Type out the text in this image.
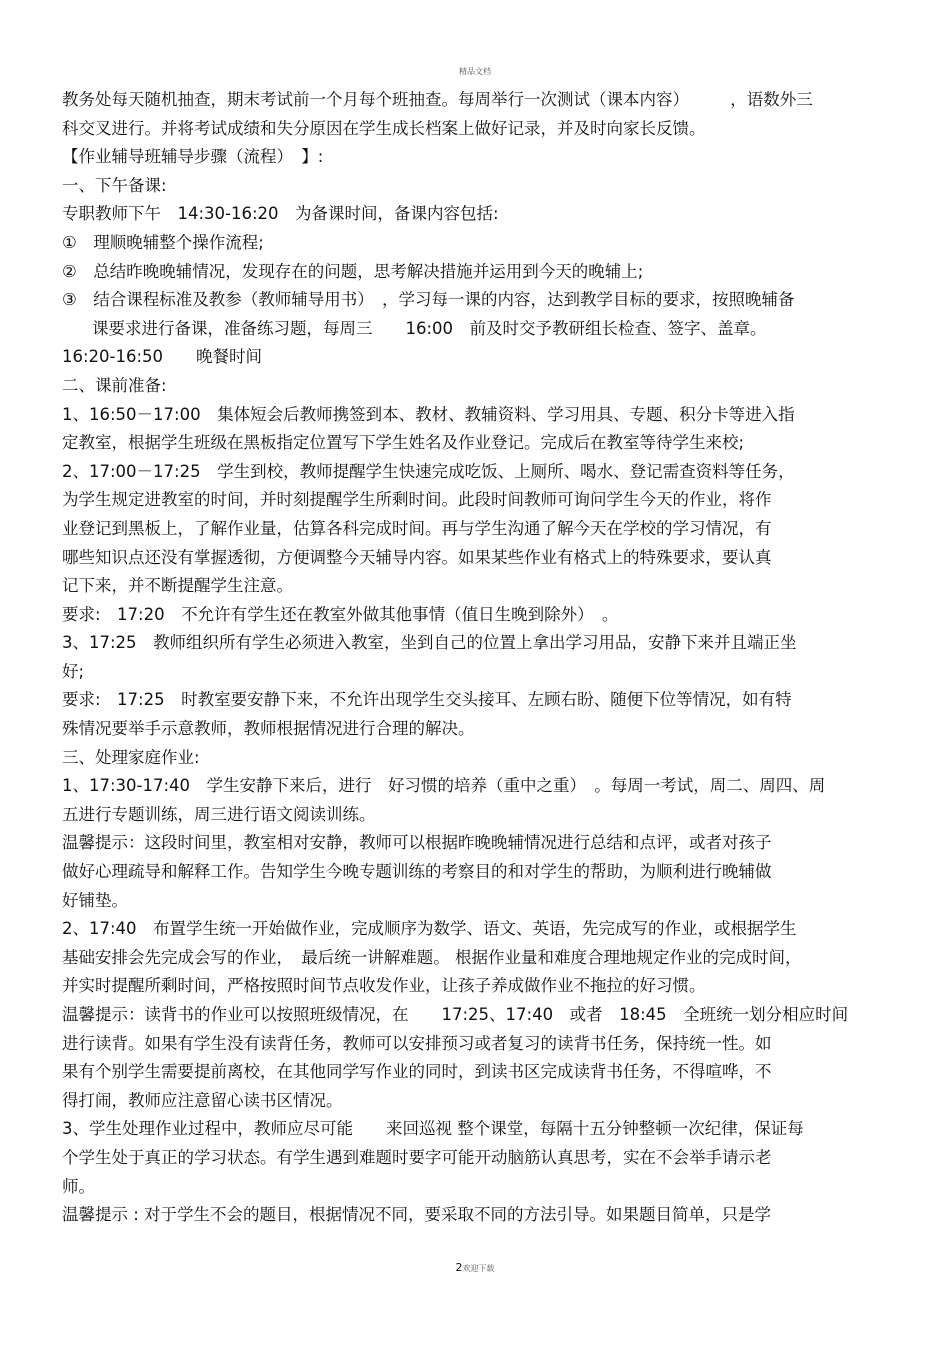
精品文档
教务处每天随机抽查，期末考试前一个月每个班抽查。每周举行一次测试（课本内容）　　　，语数外三
科交叉进行。并将考试成绩和失分原因在学生成长档案上做好记录，并及时向家长反馈。
【作业辅导班辅导步骤（流程）　】:
一、下午备课:
专职教师下午　14:30-16:20　为备课时间，备课内容包括:
①　理顺晚辅整个操作流程;
②　总结昨晚晚辅情况，发现存在的问题，思考解决措施并运用到今天的晚辅上;
③　结合课程标准及教参（教师辅导用书）　，学习每一课的内容，达到教学目标的要求，按照晚辅备
课要求进行备课，准备练习题，每周三　　16:00　前及时交予教研组长检查、签字、盖章。
16:20-16:50　　晚餐时间
二、课前准备:
1、16:50－17:00　集体短会后教师携签到本、教材、教辅资料、学习用具、专题、积分卡等进入指
定教室，根据学生班级在黑板指定位置写下学生姓名及作业登记。完成后在教室等待学生来校;
2、17:00－17:25　学生到校，教师提醒学生快速完成吃饭、上厕所、喝水、登记需查资料等任务，
为学生规定进教室的时间，并时刻提醒学生所剩时间。此段时间教师可询问学生今天的作业，将作
业登记到黑板上，了解作业量，估算各科完成时间。再与学生沟通了解今天在学校的学习情况，有
哪些知识点还没有掌握透彻，方便调整今天辅导内容。如果某些作业有格式上的特殊要求，要认真
记下来，并不断提醒学生注意。
要求:　17:20　不允许有学生还在教室外做其他事情（值日生晚到除外）　。
3、17:25　教师组织所有学生必须进入教室，坐到自己的位置上拿出学习用品，安静下来并且端正坐
好;
要求:　17:25　时教室要安静下来，不允许出现学生交头接耳、左顾右盼、随便下位等情况，如有特
殊情况要举手示意教师，教师根据情况进行合理的解决。
三、处理家庭作业:
1、17:30-17:40　学生安静下来后，进行　好习惯的培养（重中之重）　。每周一考试，周二、周四、周
五进行专题训练，周三进行语文阅读训练。
温馨提示：这段时间里，教室相对安静，教师可以根据昨晚晚辅情况进行总结和点评，或者对孩子
做好心理疏导和解释工作。告知学生今晚专题训练的考察目的和对学生的帮助，为顺利进行晚辅做
好铺垫。
2、17:40　布置学生统一开始做作业，完成顺序为数学、语文、英语，先完成写的作业，或根据学生
基础安排会先完成会写的作业，　最后统一讲解难题。 根据作业量和难度合理地规定作业的完成时间，
并实时提醒所剩时间，严格按照时间节点收发作业，让孩子养成做作业不拖拉的好习惯。
温馨提示：读背书的作业可以按照班级情况，在　　17:25、17:40　或者　18:45　全班统一划分相应时间
进行读背。如果有学生没有读背任务，教师可以安排预习或者复习的读背书任务，保持统一性。如
果有个别学生需要提前离校，在其他同学写作业的同时，到读书区完成读背书任务，不得喧哗，不
得打闹，教师应注意留心读书区情况。
3、学生处理作业过程中，教师应尽可能　　来回巡视 整个课堂，每隔十五分钟整顿一次纪律，保证每
个学生处于真正的学习状态。有学生遇到难题时要字可能开动脑筋认真思考，实在不会举手请示老
师。
温馨提示 : 对于学生不会的题目，根据情况不同，要采取不同的方法引导。如果题目简单，只是学
2欢迎下载
